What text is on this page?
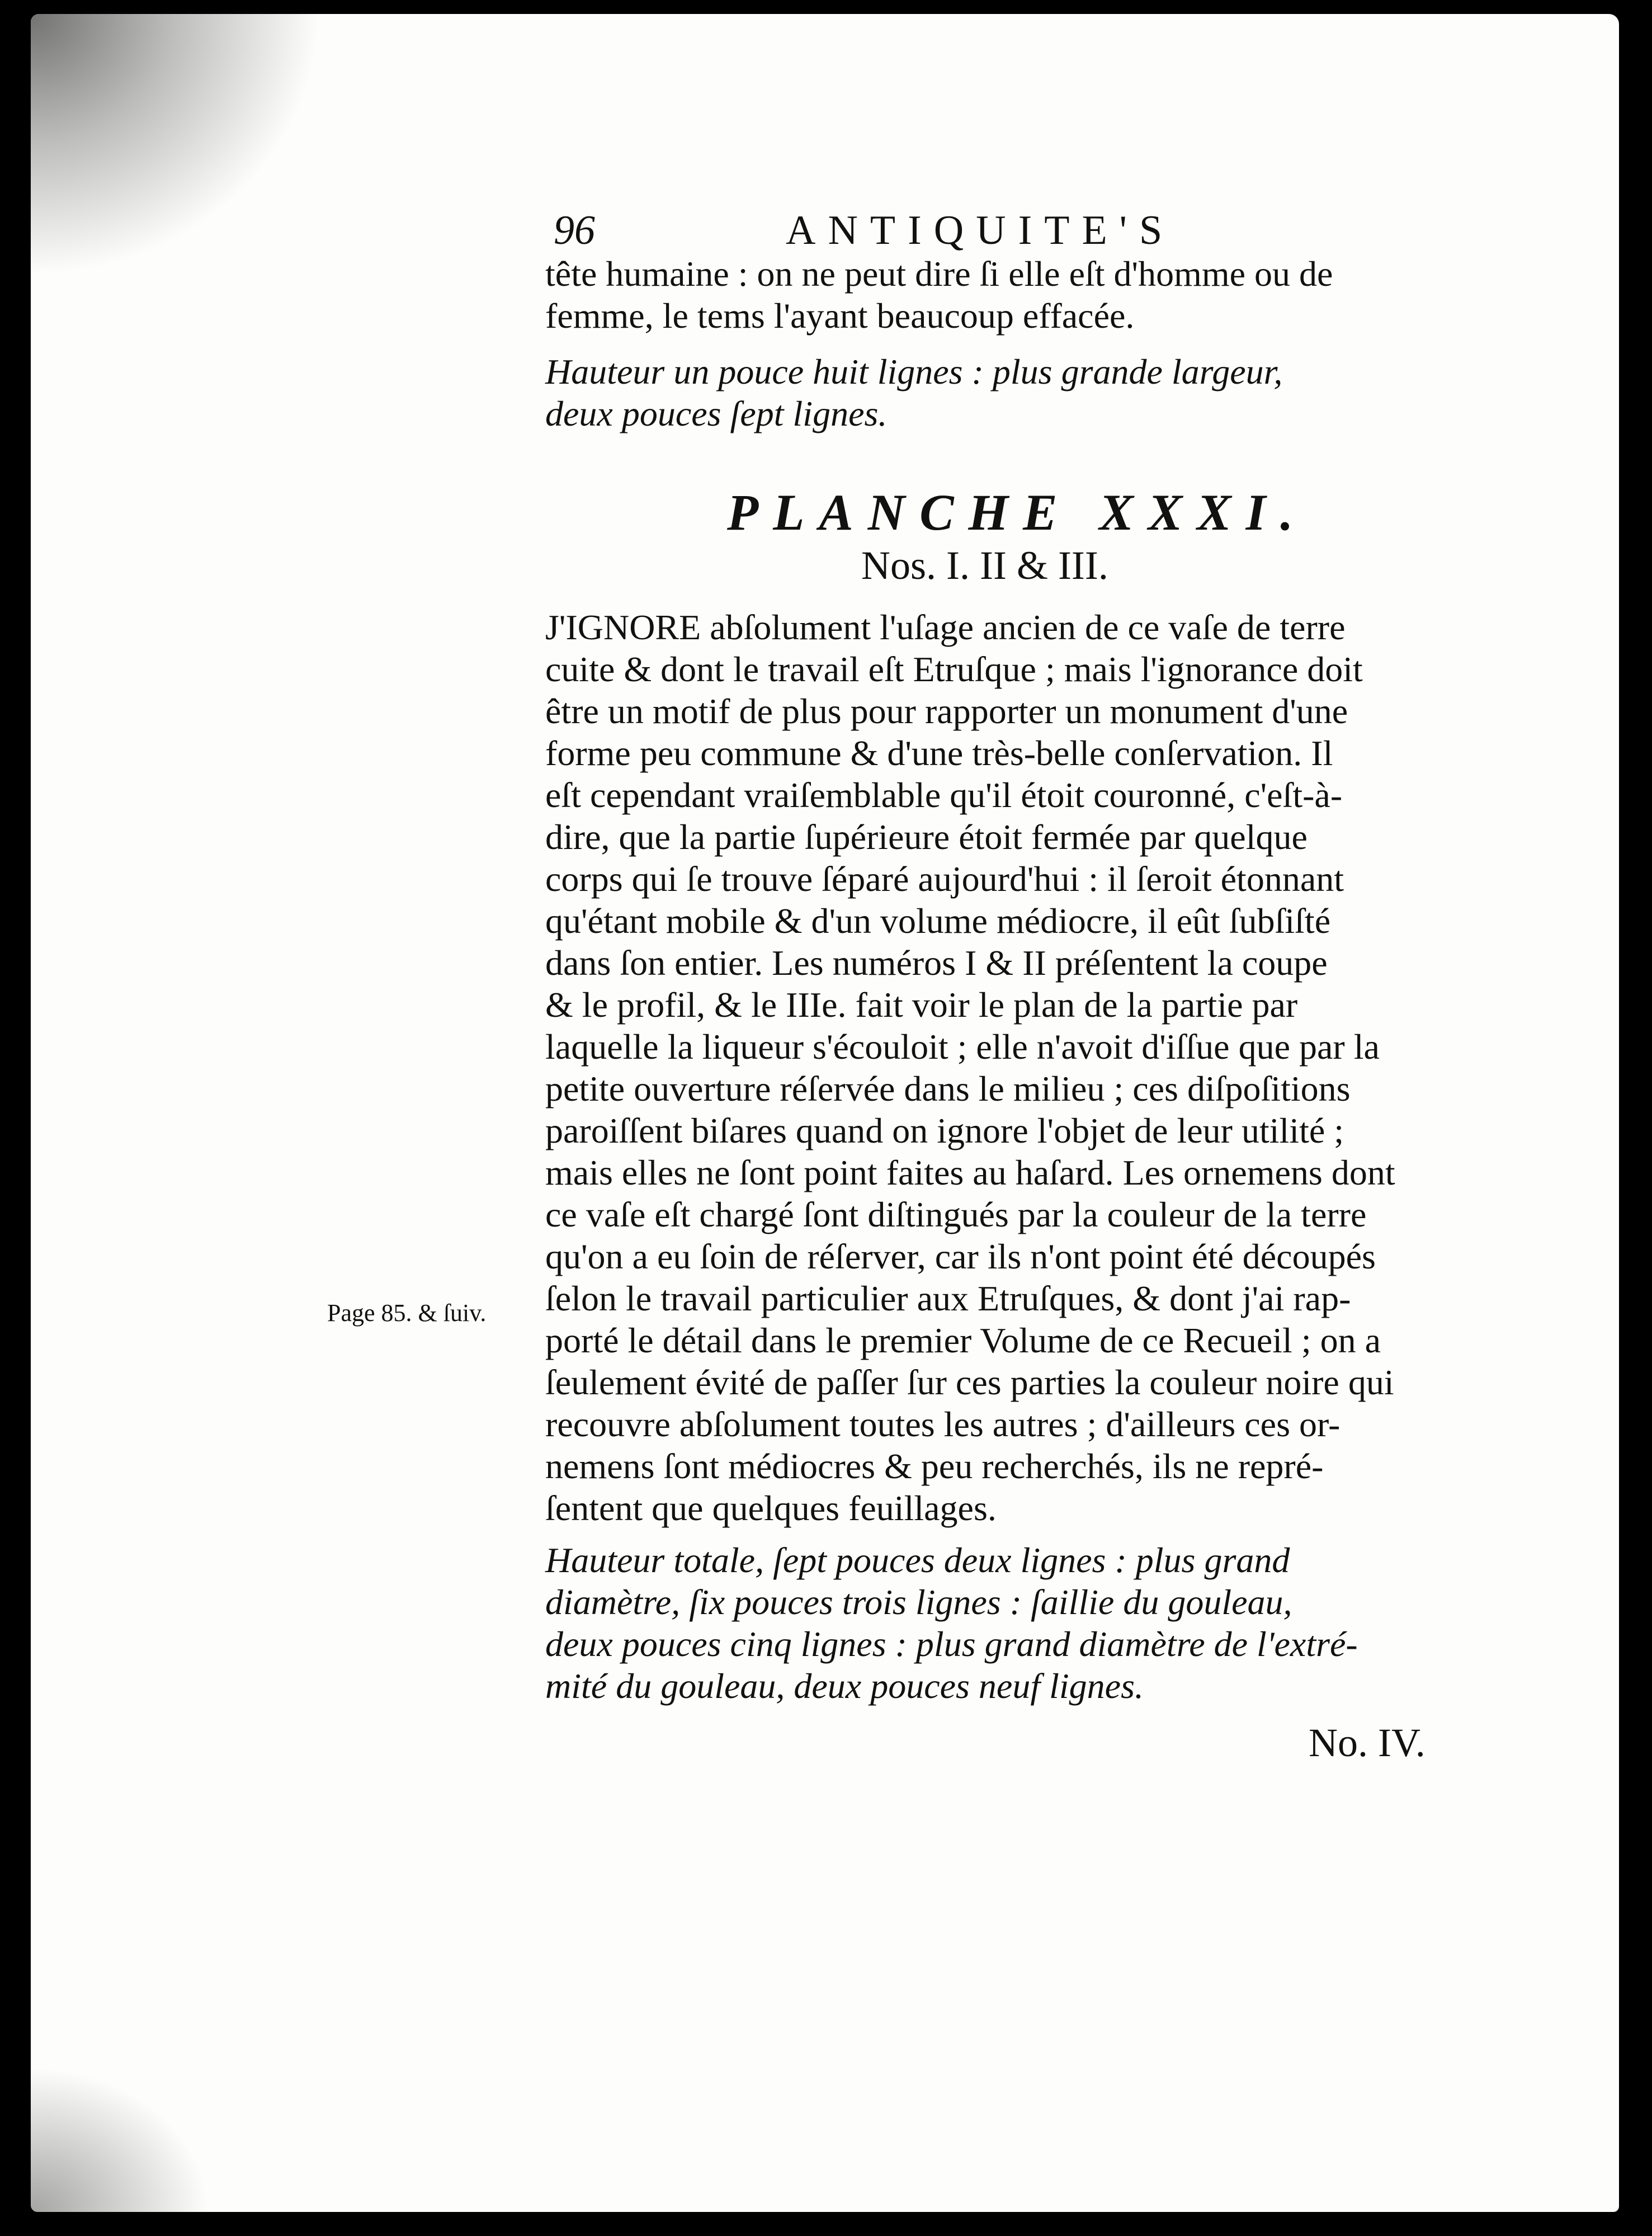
96	ANTIQUITE'S
tête humaine : on ne peut dire ſi elle eſt d'homme ou de
femme, le tems l'ayant beaucoup effacée.
Hauteur un pouce huit lignes : plus grande largeur,
deux pouces ſept lignes.
PLANCHE XXXI.
Nos. I. II & III.
J'IGNORE abſolument l'uſage ancien de ce vaſe de terre
cuite & dont le travail eſt Etruſque ; mais l'ignorance doit
être un motif de plus pour rapporter un monument d'une
forme peu commune & d'une très-belle conſervation. Il
eſt cependant vraiſemblable qu'il étoit couronné, c'eſt-à-
dire, que la partie ſupérieure étoit fermée par quelque
corps qui ſe trouve ſéparé aujourd'hui : il ſeroit étonnant
qu'étant mobile & d'un volume médiocre, il eût ſubſiſté
dans ſon entier. Les numéros I & II préſentent la coupe
& le profil, & le IIIe. fait voir le plan de la partie par
laquelle la liqueur s'écouloit ; elle n'avoit d'iſſue que par la
petite ouverture réſervée dans le milieu ; ces diſpoſitions
paroiſſent biſares quand on ignore l'objet de leur utilité ;
mais elles ne ſont point faites au haſard. Les ornemens dont
ce vaſe eſt chargé ſont diſtingués par la couleur de la terre
qu'on a eu ſoin de réſerver, car ils n'ont point été découpés
ſelon le travail particulier aux Etruſques, & dont j'ai rap-
porté le détail dans le premier Volume de ce Recueil ; on a
ſeulement évité de paſſer ſur ces parties la couleur noire qui
recouvre abſolument toutes les autres ; d'ailleurs ces or-
nemens ſont médiocres & peu recherchés, ils ne repré-
ſentent que quelques feuillages.
Page 85. & ſuiv.
Hauteur totale, ſept pouces deux lignes : plus grand
diamètre, ſix pouces trois lignes : ſaillie du gouleau,
deux pouces cinq lignes : plus grand diamètre de l'extré-
mité du gouleau, deux pouces neuf lignes.
No. IV.
